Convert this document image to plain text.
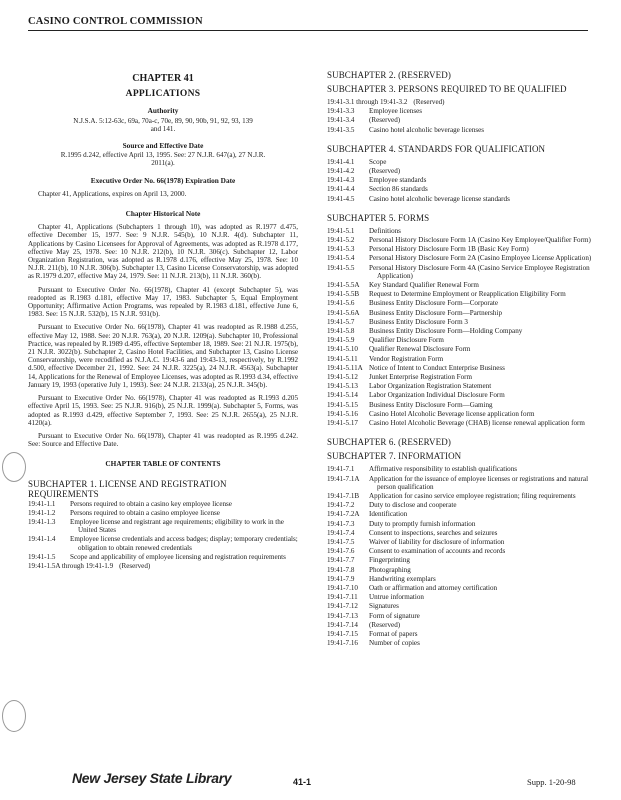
CASINO CONTROL COMMISSION
CHAPTER 41
APPLICATIONS
Authority
N.J.S.A. 5:12-63c, 69a, 70a-c, 70e, 89, 90, 90b, 91, 92, 93, 139 and 141.
Source and Effective Date
R.1995 d.242, effective April 13, 1995. See: 27 N.J.R. 647(a), 27 N.J.R. 2011(a).
Executive Order No. 66(1978) Expiration Date
Chapter 41, Applications, expires on April 13, 2000.
Chapter Historical Note
Chapter 41, Applications (Subchapters 1 through 10), was adopted as R.1977 d.475, effective December 15, 1977. See: 9 N.J.R. 545(b), 10 N.J.R. 4(d). Subchapter 11, Applications by Casino Licensees for Approval of Agreements, was adopted as R.1978 d.177, effective May 25, 1978. See: 10 N.J.R. 212(b), 10 N.J.R. 306(c). Subchapter 12, Labor Organization Registration, was adopted as R.1978 d.176, effective May 25, 1978. See: 10 N.J.R. 211(b), 10 N.J.R. 306(b). Subchapter 13, Casino License Conservatorship, was adopted as R.1979 d.207, effective May 24, 1979. See: 11 N.J.R. 213(b), 11 N.J.R. 360(b).
Pursuant to Executive Order No. 66(1978), Chapter 41 (except Subchapter 5), was readopted as R.1983 d.181, effective May 17, 1983. Subchapter 5, Equal Employment Opportunity; Affirmative Action Programs, was repealed by R.1983 d.181, effective June 6, 1983. See: 15 N.J.R. 532(b), 15 N.J.R. 931(b).
Pursuant to Executive Order No. 66(1978), Chapter 41 was readopted as R.1988 d.255, effective May 12, 1988. See: 20 N.J.R. 763(a), 20 N.J.R. 1209(a). Subchapter 10, Professional Practice, was repealed by R.1989 d.495, effective September 18, 1989. See: 21 N.J.R. 1975(b), 21 N.J.R. 3022(b). Subchapter 2, Casino Hotel Facilities, and Subchapter 13, Casino License Conservatorship, were recodified as N.J.A.C. 19:43-6 and 19:43-13, respectively, by R.1992 d.500, effective December 21, 1992. See: 24 N.J.R. 3225(a), 24 N.J.R. 4563(a). Subchapter 14, Applications for the Renewal of Employee Licenses, was adopted as R.1993 d.34, effective January 19, 1993 (operative July 1, 1993). See: 24 N.J.R. 2133(a), 25 N.J.R. 345(b).
Pursuant to Executive Order No. 66(1978), Chapter 41 was readopted as R.1993 d.205 effective April 15, 1993. See: 25 N.J.R. 916(b), 25 N.J.R. 1999(a). Subchapter 5, Forms, was adopted as R.1993 d.429, effective September 7, 1993. See: 25 N.J.R. 2655(a), 25 N.J.R. 4120(a).
Pursuant to Executive Order No. 66(1978), Chapter 41 was readopted as R.1995 d.242. See: Source and Effective Date.
CHAPTER TABLE OF CONTENTS
SUBCHAPTER 1. LICENSE AND REGISTRATION REQUIREMENTS
19:41-1.1	Persons required to obtain a casino key employee license
19:41-1.2	Persons required to obtain a casino employee license
19:41-1.3	Employee license and registrant age requirements; eligibility to work in the United States
19:41-1.4	Employee license credentials and access badges; display; temporary credentials; obligation to obtain renewed credentials
19:41-1.5	Scope and applicability of employee licensing and registration requirements
19:41-1.5A through 19:41-1.9 (Reserved)
SUBCHAPTER 2. (RESERVED)
SUBCHAPTER 3. PERSONS REQUIRED TO BE QUALIFIED
19:41-3.1 through 19:41-3.2 (Reserved)
19:41-3.3	Employee licenses
19:41-3.4	(Reserved)
19:41-3.5	Casino hotel alcoholic beverage licenses
SUBCHAPTER 4. STANDARDS FOR QUALIFICATION
19:41-4.1	Scope
19:41-4.2	(Reserved)
19:41-4.3	Employee standards
19:41-4.4	Section 86 standards
19:41-4.5	Casino hotel alcoholic beverage license standards
SUBCHAPTER 5. FORMS
19:41-5.1	Definitions
19:41-5.2	Personal History Disclosure Form 1A (Casino Key Employee/Qualifier Form)
19:41-5.3	Personal History Disclosure Form 1B (Basic Key Form)
19:41-5.4	Personal History Disclosure Form 2A (Casino Employee License Application)
19:41-5.5	Personal History Disclosure Form 4A (Casino Service Employee Registration Application)
19:41-5.5A	Key Standard Qualifier Renewal Form
19:41-5.5B	Request to Determine Employment or Reapplication Eligibility Form
19:41-5.6	Business Entity Disclosure Form—Corporate
19:41-5.6A	Business Entity Disclosure Form—Partnership
19:41-5.7	Business Entity Disclosure Form 3
19:41-5.8	Business Entity Disclosure Form—Holding Company
19:41-5.9	Qualifier Disclosure Form
19:41-5.10	Qualifier Renewal Disclosure Form
19:41-5.11	Vendor Registration Form
19:41-5.11A Notice of Intent to Conduct Enterprise Business
19:41-5.12	Junket Enterprise Registration Form
19:41-5.13	Labor Organization Registration Statement
19:41-5.14	Labor Organization Individual Disclosure Form
19:41-5.15	Business Entity Disclosure Form—Gaming
19:41-5.16	Casino Hotel Alcoholic Beverage license application form
19:41-5.17	Casino Hotel Alcoholic Beverage (CHAB) license renewal application form
SUBCHAPTER 6. (RESERVED)
SUBCHAPTER 7. INFORMATION
19:41-7.1	Affirmative responsibility to establish qualifications
19:41-7.1A	Application for the issuance of employee licenses or registrations and natural person qualification
19:41-7.1B	Application for casino service employee registration; filing requirements
19:41-7.2	Duty to disclose and cooperate
19:41-7.2A	Identification
19:41-7.3	Duty to promptly furnish information
19:41-7.4	Consent to inspections, searches and seizures
19:41-7.5	Waiver of liability for disclosure of information
19:41-7.6	Consent to examination of accounts and records
19:41-7.7	Fingerprinting
19:41-7.8	Photographing
19:41-7.9	Handwriting exemplars
19:41-7.10	Oath or affirmation and attorney certification
19:41-7.11	Untrue information
19:41-7.12	Signatures
19:41-7.13	Form of signature
19:41-7.14	(Reserved)
19:41-7.15	Format of papers
19:41-7.16	Number of copies
New Jersey State Library	41-1	Supp. 1-20-98
